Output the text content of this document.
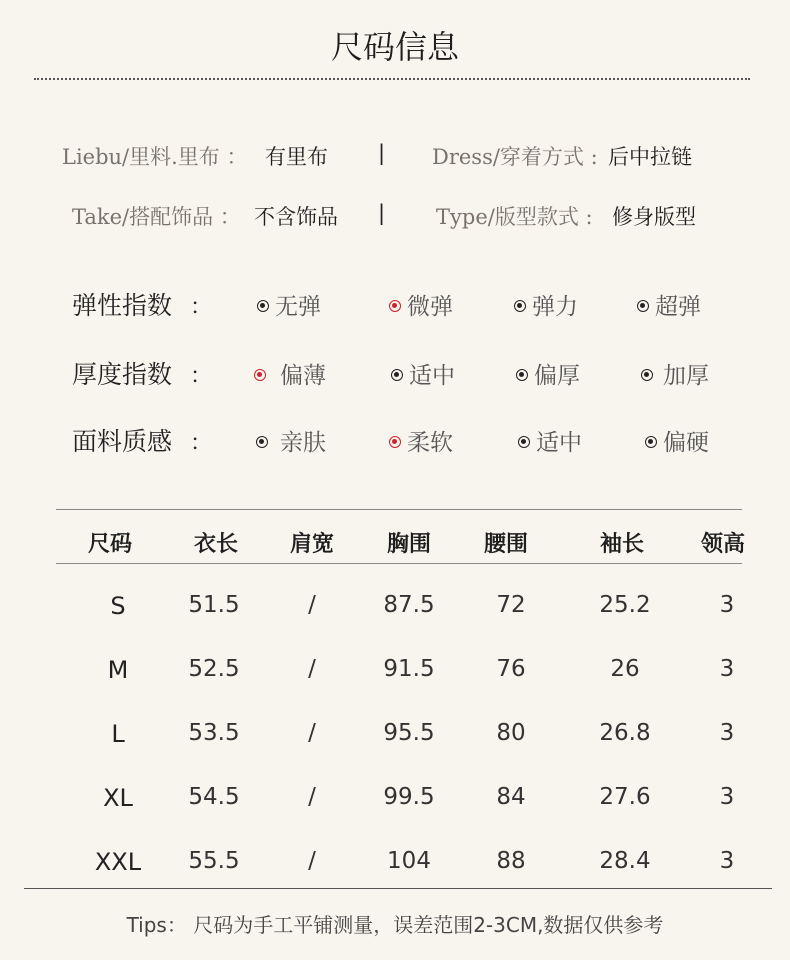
尺码信息
Liebu/里料.里布 ： 有里布 | Dress/穿着方式 : 后中拉链
Take/搭配饰品 ： 不含饰品 | Type/版型款式 : 修身版型
弹性指数 ：	无弹	微弹	弹力	超弹
厚度指数 ：	偏薄	适中	偏厚	加厚
面料质感 ：	亲肤	柔软	适中	偏硬
尺码	衣长 肩宽 胸围 腰围	袖长	领高
S	51.5	/	87.5	72	25.2	3
M	52.5	/	91.5	76	26	3
L	53.5	/	95.5	80	26.8	3
XL 54.5	/	99.5	84	27.6	3
XXL 55.5	/	104	88	28.4	3
Tips： 尺码为手工平铺测量，误差范围2-3CM,数据仅供参考
